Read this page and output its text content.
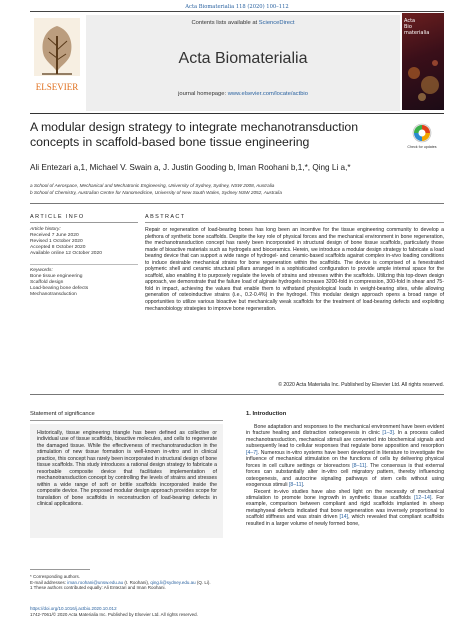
Acta Biomaterialia 118 (2020) 100–112
ELSEVIER
Contents lists available at ScienceDirect
Acta Biomaterialia
journal homepage: www.elsevier.com/locate/actbio
Acta
Bio
materialia
A modular design strategy to integrate mechanotransduction concepts in scaffold-based bone tissue engineering	Check for updates
Ali Entezari a,1, Michael V. Swain a, J. Justin Gooding b, Iman Roohani b,1,*, Qing Li a,*
a School of Aerospace, Mechanical and Mechatronic Engineering, University of Sydney, Sydney, NSW 2008, Australia
b School of Chemistry, Australian Centre for Nanomedicine, University of New South Wales, Sydney NSW 2052, Australia
ARTICLE INFO	ABSTRACT
Article history:
Received 7 June 2020
Revised 1 October 2020
Accepted 8 October 2020
Available online 12 October 2020
Keywords:
Bone tissue engineering
Scaffold design
Load-bearing bone defects
Mechanotransduction
Repair or regeneration of load-bearing bones has long been an incentive for the tissue engineering community to develop a plethora of synthetic bone scaffolds. Despite the key role of physical forces and the mechanical environment in bone regeneration, the mechanotransduction concept has rarely been incorporated in structural design of bone tissue scaffolds, particularly those made of bioactive materials such as hydrogels and bioceramics. Herein, we introduce a modular design strategy to fabricate a load bearing device that can support a wide range of hydrogel- and ceramic-based scaffolds against complex in-vivo loading conditions to induce desirable mechanical strains for bone regeneration within the scaffolds. The device is comprised of a fenestrated polymeric shell and ceramic structural pillars arranged in a sophisticated configuration to provide ample internal space for the scaffold, also enabling it to purposely regulate the levels of strains and stresses within the scaffolds. Utilizing this top-down design approach, we demonstrate that the failure load of alginate hydrogels increases 3200-fold in compression, 300-fold in shear and 75-fold in impact, achieving the values that enable them to withstand physiological loads in weight-bearing sites, while allowing generation of osteoinductive strains (i.e., 0.2-0.4%) in the hydrogel. This modular design approach opens a broad range of opportunities to utilize various bioactive but mechanically weak scaffolds for the treatment of load-bearing defects and exploiting mechanobiology strategies to improve bone regeneration.
© 2020 Acta Materialia Inc. Published by Elsevier Ltd. All rights reserved.
Statement of significance
Historically, tissue engineering triangle has been defined as collective or individual use of tissue scaffolds, bioactive molecules, and cells to regenerate the damaged tissue. While the effectiveness of mechanotransduction in the stimulation of new tissue formation is well-known in-vitro and in clinical practice, this concept has rarely been incorporated in structural design of bone tissue scaffolds. This study introduces a rational design strategy to fabricate a resorbable composite device that facilitates implementation of mechanotransduction concept by controlling the levels of strains and stresses within a wide range of soft or brittle scaffolds incorporated inside the composite device. The proposed modular design approach provides scope for translation of bone scaffolds in reconstruction of load-bearing defects in clinical applications.
1. Introduction

Bone adaptation and responses to the mechanical environment have been evident in fracture healing and distraction osteogenesis in clinic [1–3]. In a process called mechanotransduction, mechanical stimuli are converted into biochemical signals and subsequently lead to cellular responses that regulate bone apposition and resorption [4–7]. Numerous in-vitro systems have been developed in literature to investigate the influence of mechanical stimulation on the functions of cells by delivering physical forces in cell culture settings or bioreactors [8–11]. The consensus is that external forces can substantially alter in-vitro cell migratory pattern, thereby influencing osteogenesis, and autocrine signaling pathways of stem cells without using exogenous stimuli [8–11].

Recent in-vivo studies have also shed light on the necessity of mechanical stimulation to promote bone ingrowth in synthetic tissue scaffolds [12–14]. For example, comparison between compliant and rigid scaffolds implanted in sheep metaphyseal defects indicated that bone regeneration was inversely proportional to scaffold stiffness and was strain driven [14], which revealed that compliant scaffolds resulted in a larger volume of newly formed bone,

* Corresponding authors.
E-mail addresses: iman.roohani@unsw.edu.au (I. Roohani), qing.li@sydney.edu.au (Q. Li).
1 These authors contributed equally: Ali Entezari and Iman Roohani.
https://doi.org/10.1016/j.actbio.2020.10.012
1742-7061/© 2020 Acta Materialia Inc. Published by Elsevier Ltd. All rights reserved.
